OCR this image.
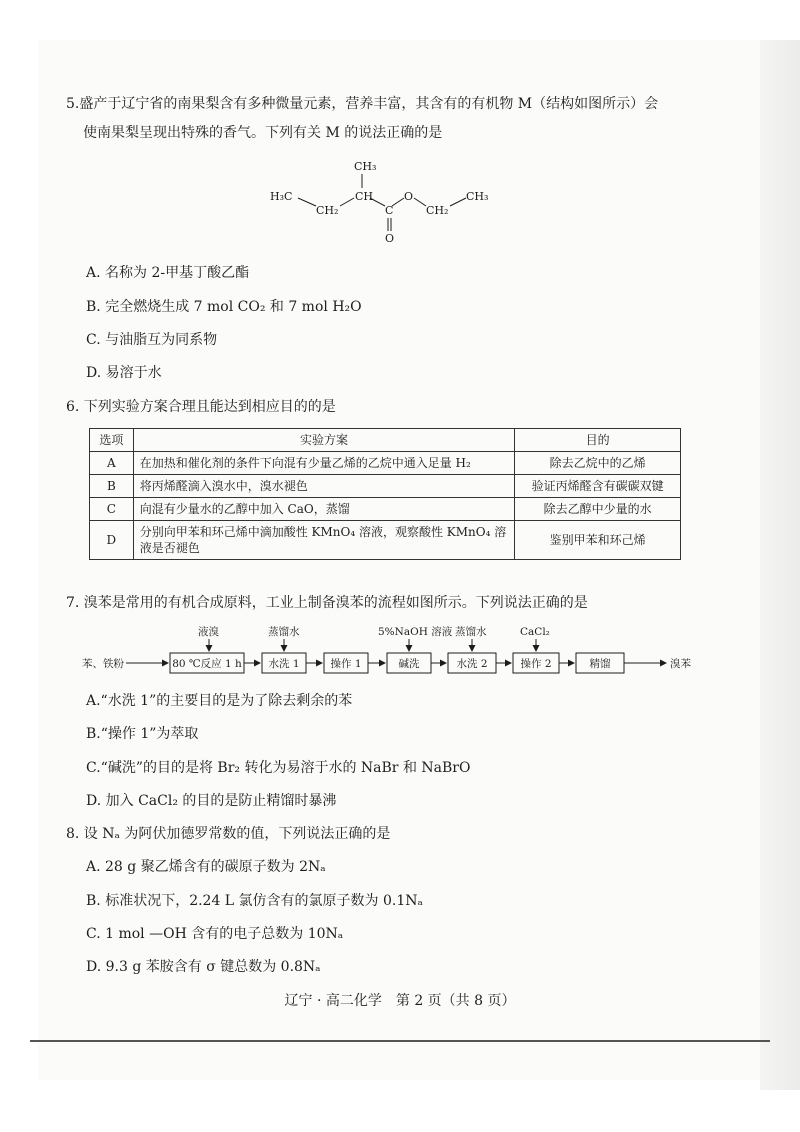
5.盛产于辽宁省的南果梨含有多种微量元素，营养丰富，其含有的有机物 M（结构如图所示）会
使南果梨呈现出特殊的香气。下列有关 M 的说法正确的是
H₃C
CH₂
CH
CH₃
C
O
O
CH₂
CH₃
A. 名称为 2-甲基丁酸乙酯
B. 完全燃烧生成 7 mol CO₂ 和 7 mol H₂O
C. 与油脂互为同系物
D. 易溶于水
6. 下列实验方案合理且能达到相应目的的是
选项	实验方案	目的
A	在加热和催化剂的条件下向混有少量乙烯的乙烷中通入足量 H₂	除去乙烷中的乙烯
B	将丙烯醛滴入溴水中，溴水褪色	验证丙烯醛含有碳碳双键
C	向混有少量水的乙醇中加入 CaO，蒸馏	除去乙醇中少量的水
D	分别向甲苯和环己烯中滴加酸性 KMnO₄ 溶液，观察酸性 KMnO₄ 溶液是否褪色	鉴别甲苯和环己烯
7. 溴苯是常用的有机合成原料，工业上制备溴苯的流程如图所示。下列说法正确的是
苯、铁粉	溴苯
液溴	蒸馏水	5%NaOH 溶液 蒸馏水	CaCl₂
80 ℃反应 1 h	水洗 1	操作 1	碱洗	水洗 2	操作 2	精馏
A.“水洗 1”的主要目的是为了除去剩余的苯
B.“操作 1”为萃取
C.“碱洗”的目的是将 Br₂ 转化为易溶于水的 NaBr 和 NaBrO
D. 加入 CaCl₂ 的目的是防止精馏时暴沸
8. 设 Nₐ 为阿伏加德罗常数的值，下列说法正确的是
A. 28 g 聚乙烯含有的碳原子数为 2Nₐ
B. 标准状况下，2.24 L 氯仿含有的氯原子数为 0.1Nₐ
C. 1 mol —OH 含有的电子总数为 10Nₐ
D. 9.3 g 苯胺含有 σ 键总数为 0.8Nₐ
辽宁 · 高二化学　第 2 页（共 8 页）
